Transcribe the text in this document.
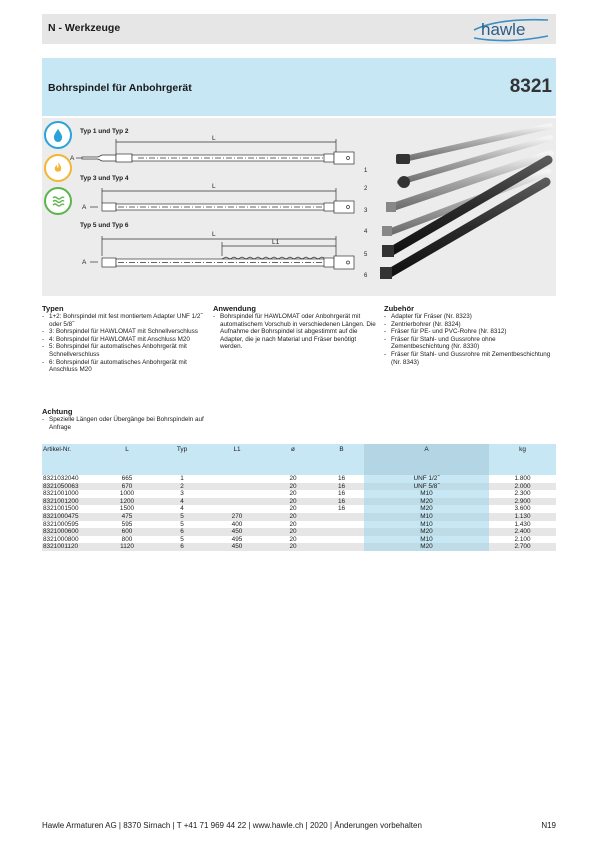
N - Werkzeuge	hawle
Bohrspindel für Anbohrgerät	8321
Typ 1 und Typ 2
Typ 3 und Typ 4
Typ 5 und Typ 6
L
L
L
L1
A
A
A
1
2
3
4
5
6
Typen
- 1+2: Bohrspindel mit fest montiertem Adapter UNF 1/2˝ oder 5/8˝
- 3: Bohrspindel für HAWLOMAT mit Schnellverschluss
- 4: Bohrspindel für HAWLOMAT mit Anschluss M20
- 5: Bohrspindel für automatisches Anbohrgerät mit Schnellverschluss
- 6: Bohrspindel für automatisches Anbohrgerät mit Anschluss M20
Achtung
- Spezielle Längen oder Übergänge bei Bohrspindeln auf Anfrage
Anwendung
- Bohrspindel für HAWLOMAT oder Anbohrgerät mit automatischem Vorschub in verschiedenen Längen. Die Aufnahme der Bohrspindel ist abgestimmt auf die Adapter, die je nach Material und Fräser benötigt werden.
Zubehör
- Adapter für Fräser (Nr. 8323)
- Zentrierbohrer (Nr. 8324)
- Fräser für PE- und PVC-Rohre (Nr. 8312)
- Fräser für Stahl- und Gussrohre ohne Zementbeschichtung (Nr. 8330)
- Fräser für Stahl- und Gussrohre mit Zementbeschichtung (Nr. 8343)
Artikel-Nr.	L	Typ	L1	ø	B	A	kg
8321032040	665	1		20	16	UNF 1/2˝	1.800
8321050063	670	2		20	16	UNF 5/8˝	2.000
8321001000	1000	3		20	16	M10	2.300
8321001200	1200	4		20	16	M20	2.900
8321001500	1500	4		20	16	M20	3.600
8321000475	475	5	270	20		M10	1.130
8321000595	595	5	400	20		M10	1.430
8321000600	600	6	450	20		M20	2.400
8321000800	800	5	495	20		M10	2.100
8321001120	1120	6	450	20		M20	2.700
Hawle Armaturen AG | 8370 Sirnach | T +41 71 969 44 22 | www.hawle.ch | 2020 | Änderungen vorbehalten	N19
